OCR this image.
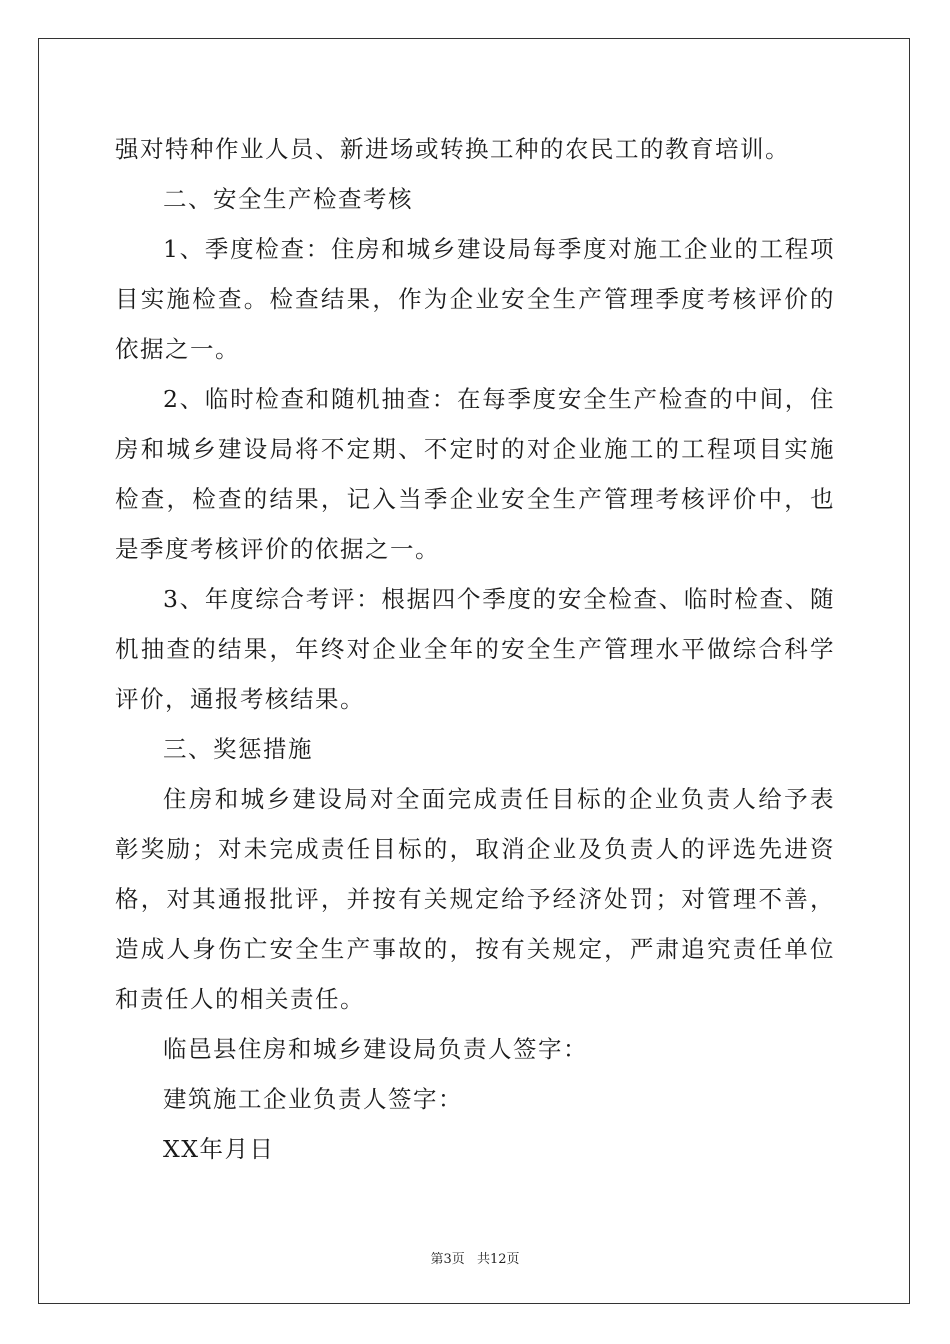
强对特种作业人员、新进场或转换工种的农民工的教育培训。

二、安全生产检查考核

1、季度检查：住房和城乡建设局每季度对施工企业的工程项目实施检查。检查结果，作为企业安全生产管理季度考核评价的依据之一。

2、临时检查和随机抽查：在每季度安全生产检查的中间，住房和城乡建设局将不定期、不定时的对企业施工的工程项目实施检查，检查的结果，记入当季企业安全生产管理考核评价中，也是季度考核评价的依据之一。

3、年度综合考评：根据四个季度的安全检查、临时检查、随机抽查的结果，年终对企业全年的安全生产管理水平做综合科学评价，通报考核结果。

三、奖惩措施

住房和城乡建设局对全面完成责任目标的企业负责人给予表彰奖励；对未完成责任目标的，取消企业及负责人的评选先进资格，对其通报批评，并按有关规定给予经济处罚；对管理不善，造成人身伤亡安全生产事故的，按有关规定，严肃追究责任单位和责任人的相关责任。

临邑县住房和城乡建设局负责人签字：

建筑施工企业负责人签字：

XX年月日

第3页 共12页
